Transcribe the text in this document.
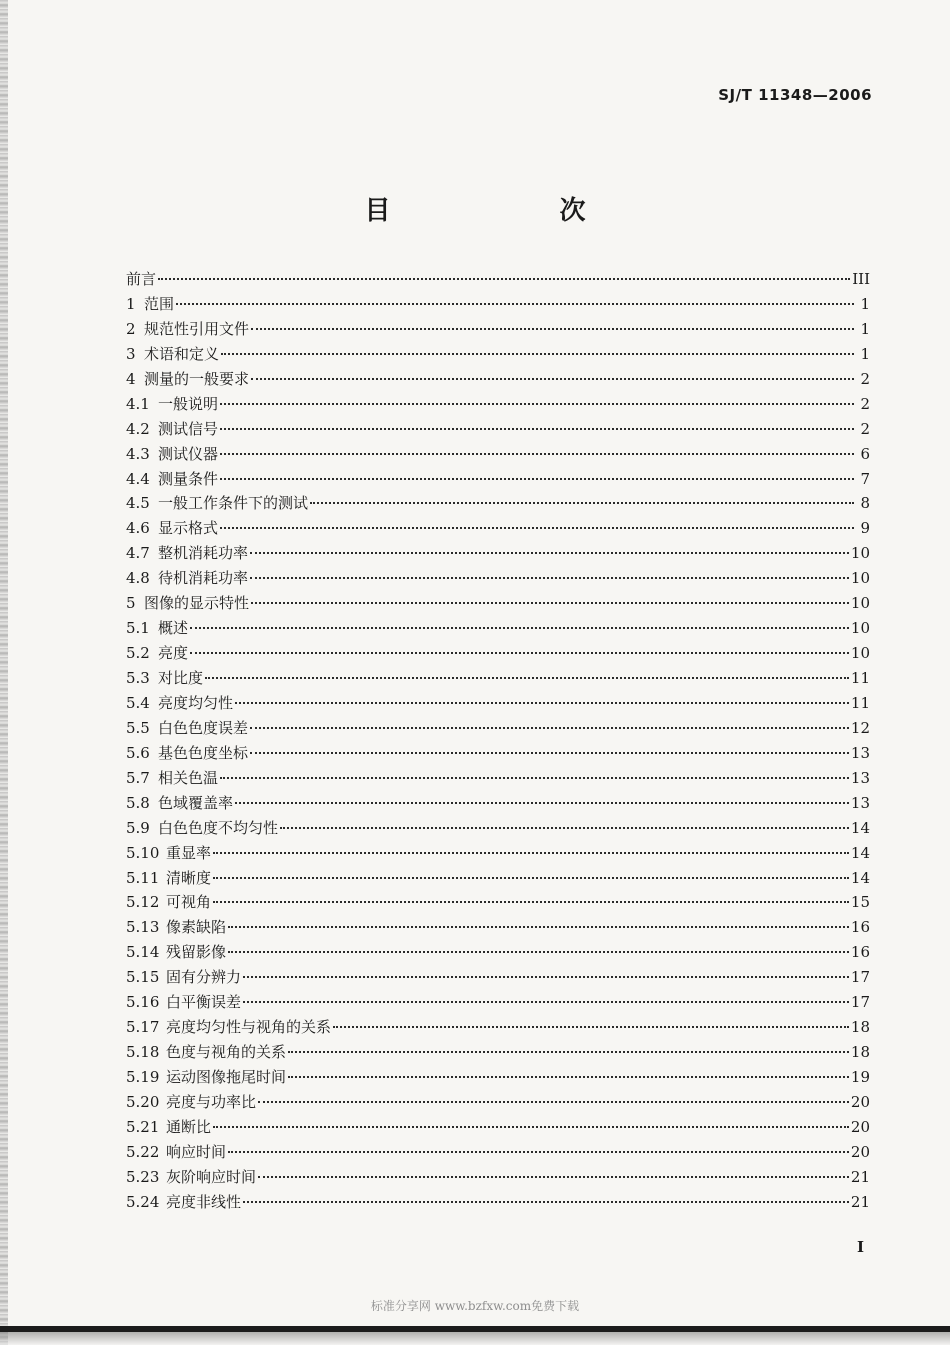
SJ/T 11348—2006
目 次
前言	III
1 范围	1
2 规范性引用文件	1
3 术语和定义	1
4 测量的一般要求	2
4.1 一般说明	2
4.2 测试信号	2
4.3 测试仪器	6
4.4 测量条件	7
4.5 一般工作条件下的测试	8
4.6 显示格式	9
4.7 整机消耗功率	10
4.8 待机消耗功率	10
5 图像的显示特性	10
5.1 概述	10
5.2 亮度	10
5.3 对比度	11
5.4 亮度均匀性	11
5.5 白色色度误差	12
5.6 基色色度坐标	13
5.7 相关色温	13
5.8 色域覆盖率	13
5.9 白色色度不均匀性	14
5.10 重显率	14
5.11 清晰度	14
5.12 可视角	15
5.13 像素缺陷	16
5.14 残留影像	16
5.15 固有分辨力	17
5.16 白平衡误差	17
5.17 亮度均匀性与视角的关系	18
5.18 色度与视角的关系	18
5.19 运动图像拖尾时间	19
5.20 亮度与功率比	20
5.21 通断比	20
5.22 响应时间	20
5.23 灰阶响应时间	21
5.24 亮度非线性	21
I
标准分享网 www.bzfxw.com免费下载
